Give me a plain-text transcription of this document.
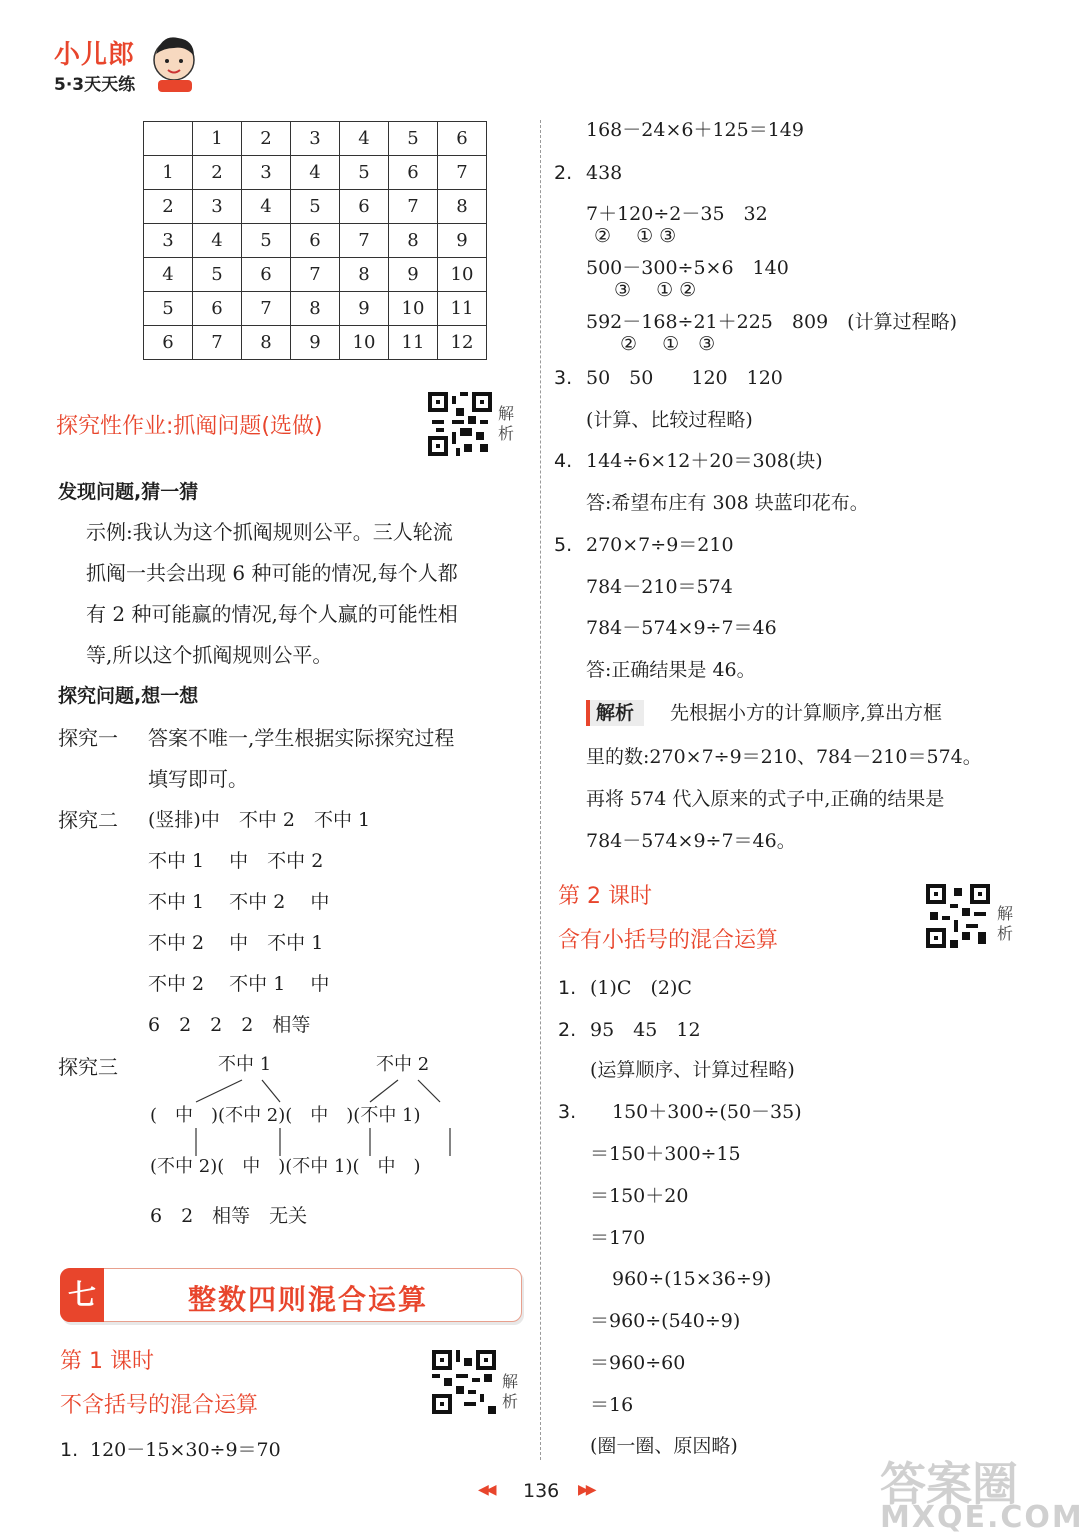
小儿郎
5·3天天练
	1	2	3	4	5	6
1	2	3	4	5	6	7
2	3	4	5	6	7	8
3	4	5	6	7	8	9
4	5	6	7	8	9	10
5	6	7	8	9	10	11
6	7	8	9	10	11	12
解析
解析
解析
探究性作业:抓阄问题(选做)
发现问题,猜一猜
示例:我认为这个抓阄规则公平。三人轮流
抓阄一共会出现 6 种可能的情况,每个人都
有 2 种可能赢的情况,每个人赢的可能性相
等,所以这个抓阄规则公平。
探究问题,想一想
探究一 答案不唯一,学生根据实际探究过程
填写即可。
探究二 (竖排)中　不中 2　不中 1
不中 1　 中　不中 2
不中 1　 不中 2　 中
不中 2　 中　不中 1
不中 2　 不中 1　 中
6　2　2　2　相等
探究三	不中 1	不中 2
(　中　)(不中 2)(　中　)(不中 1)
(不中 2)(　中　)(不中 1)(　中　)
6　2　相等　无关
七	整数四则混合运算
第 1 课时
不含括号的混合运算
1. 120－15×30÷9＝70
168－24×6＋125＝149
2. 438
7＋120÷2－35　32
②　 ① ③
500－300÷5×6　140
③　 ① ②
592－168÷21＋225　809　(计算过程略)
②　 ①　③
3. 50　50　　120　120
(计算、比较过程略)
4. 144÷6×12＋20＝308(块)
答:希望布庄有 308 块蓝印花布。
5. 270×7÷9＝210
784－210＝574
784－574×9÷7＝46
答:正确结果是 46。
解析	先根据小方的计算顺序,算出方框
里的数:270×7÷9＝210、784－210＝574。
再将 574 代入原来的式子中,正确的结果是
784－574×9÷7＝46。
第 2 课时
含有小括号的混合运算
1. (1)C　(2)C
2. 95　45　12
(运算顺序、计算过程略)
3. 150＋300÷(50－35)
＝150＋300÷15
＝150＋20
＝170
960÷(15×36÷9)
＝960÷(540÷9)
＝960÷60
＝16
(圈一圈、原因略)
◀◀ 136 ▶▶	答案圈
MXQE.COM
